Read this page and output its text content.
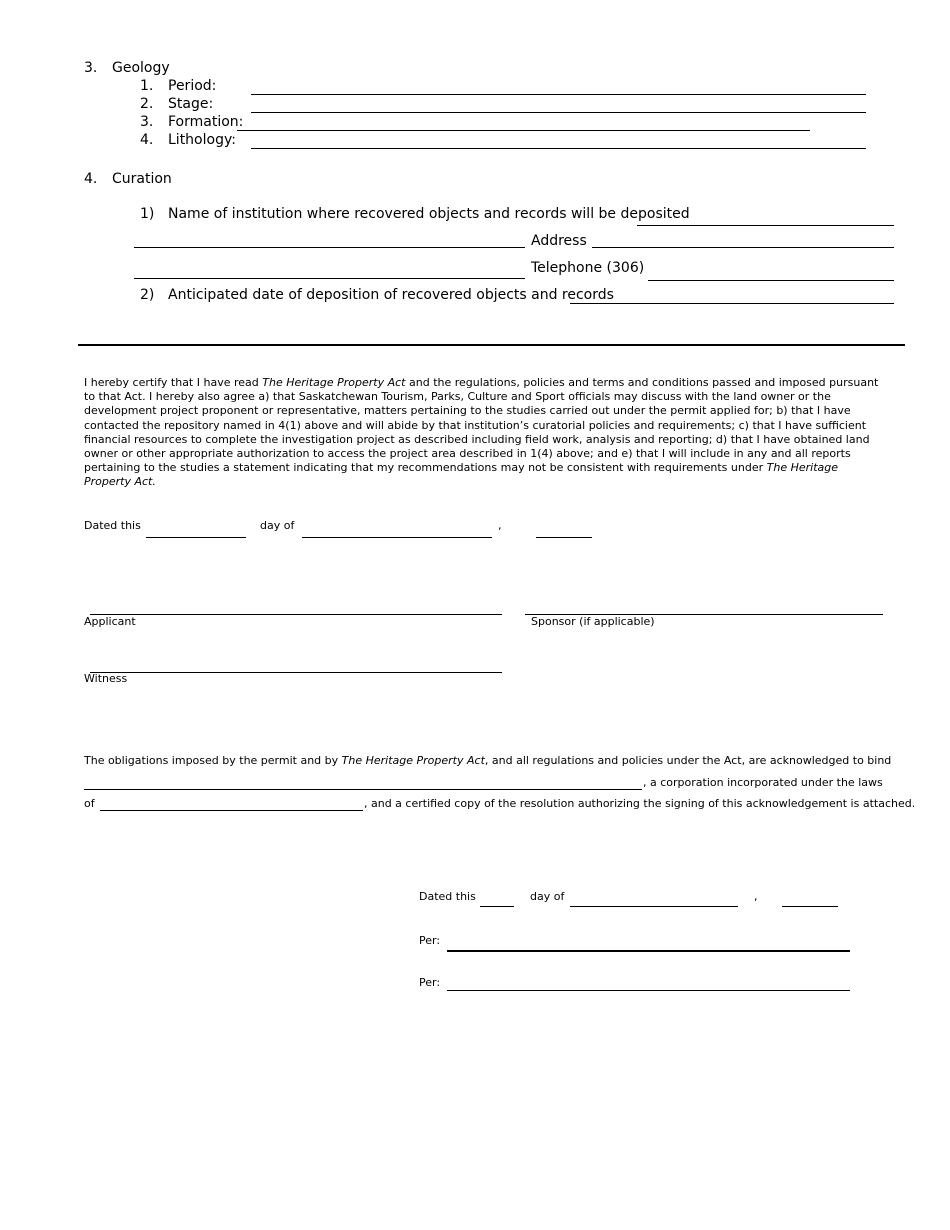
3. Geology
1. Period:
2. Stage:
3. Formation:
4. Lithology:
4. Curation
1) Name of institution where recovered objects and records will be deposited
Address
Telephone (306)
2) Anticipated date of deposition of recovered objects and records
I hereby certify that I have read The Heritage Property Act and the regulations, policies and terms and conditions passed and imposed pursuant to that Act. I hereby also agree a) that Saskatchewan Tourism, Parks, Culture and Sport officials may discuss with the land owner or the development project proponent or representative, matters pertaining to the studies carried out under the permit applied for; b) that I have contacted the repository named in 4(1) above and will abide by that institution’s curatorial policies and requirements; c) that I have sufficient financial resources to complete the investigation project as described including field work, analysis and reporting; d) that I have obtained land owner or other appropriate authorization to access the project area described in 1(4) above; and e) that I will include in any and all reports pertaining to the studies a statement indicating that my recommendations may not be consistent with requirements under The Heritage Property Act.
Dated this	day of	,
Applicant	Sponsor (if applicable)
Witness
The obligations imposed by the permit and by The Heritage Property Act, and all regulations and policies under the Act, are acknowledged to bind
, a corporation incorporated under the laws
of	, and a certified copy of the resolution authorizing the signing of this acknowledgement is attached.
Dated this	day of	,
Per:
Per:
